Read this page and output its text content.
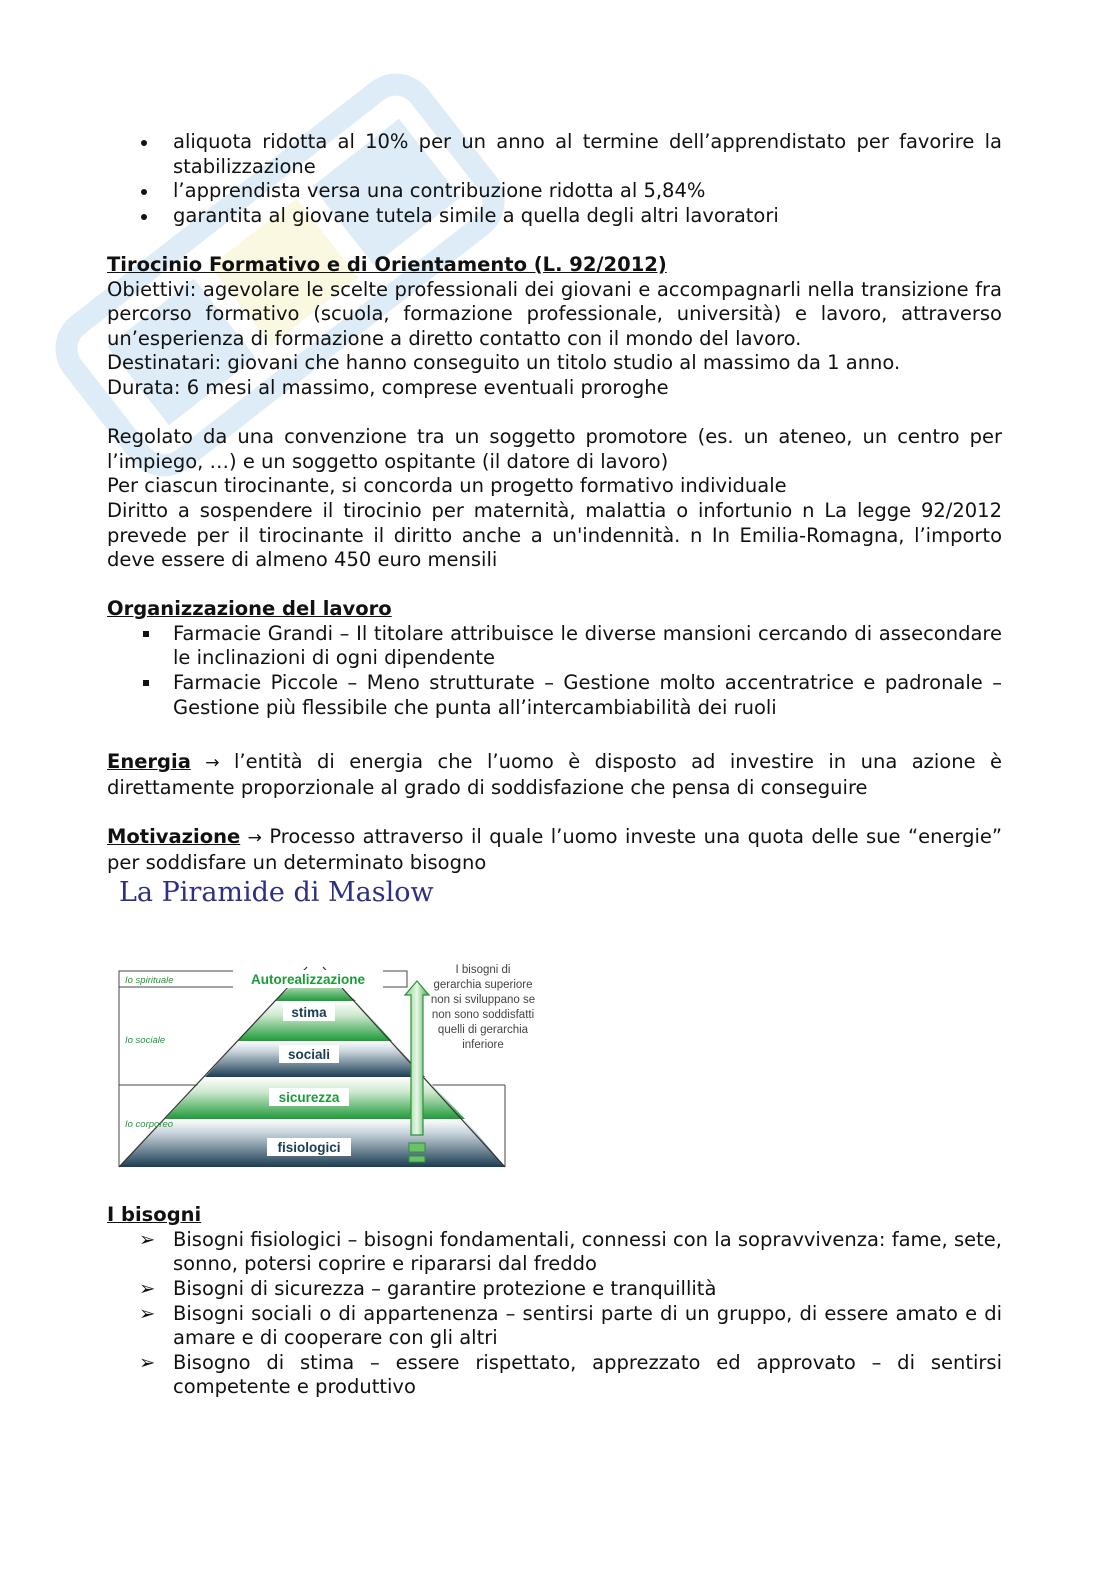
aliquota ridotta al 10% per un anno al termine dell’apprendistato per favorire la stabilizzazione
l’apprendista versa una contribuzione ridotta al 5,84%
garantita al giovane tutela simile a quella degli altri lavoratori

Tirocinio Formativo e di Orientamento (L. 92/2012)

Obiettivi: agevolare le scelte professionali dei giovani e accompagnarli nella transizione fra percorso formativo (scuola, formazione professionale, università) e lavoro, attraverso un’esperienza di formazione a diretto contatto con il mondo del lavoro.

Destinatari: giovani che hanno conseguito un titolo studio al massimo da 1 anno.

Durata: 6 mesi al massimo, comprese eventuali proroghe

Regolato da una convenzione tra un soggetto promotore (es. un ateneo, un centro per l’impiego, …) e un soggetto ospitante (il datore di lavoro)

Per ciascun tirocinante, si concorda un progetto formativo individuale

Diritto a sospendere il tirocinio per maternità, malattia o infortunio n La legge 92/2012 prevede per il tirocinante il diritto anche a un'indennità. n In Emilia-Romagna, l’importo deve essere di almeno 450 euro mensili

Organizzazione del lavoro

Farmacie Grandi – Il titolare attribuisce le diverse mansioni cercando di assecondare le inclinazioni di ogni dipendente
Farmacie Piccole – Meno strutturate – Gestione molto accentratrice e padronale – Gestione più flessibile che punta all’intercambiabilità dei ruoli

Energia → l’entità di energia che l’uomo è disposto ad investire in una azione è direttamente proporzionale al grado di soddisfazione che pensa di conseguire

Motivazione → Processo attraverso il quale l’uomo investe una quota delle sue “energie” per soddisfare un determinato bisogno

La Piramide di Maslow
Autorealizzazione
stima
sociali
sicurezza
fisiologici
Io spirituale
Io sociale
Io corporeo
I bisogni di
gerarchia superiore
non si sviluppano se
non sono soddisfatti
quelli di gerarchia
inferiore

I bisogni

➢ Bisogni fisiologici – bisogni fondamentali, connessi con la sopravvivenza: fame, sete, sonno, potersi coprire e ripararsi dal freddo
➢ Bisogni di sicurezza – garantire protezione e tranquillità
➢ Bisogni sociali o di appartenenza – sentirsi parte di un gruppo, di essere amato e di amare e di cooperare con gli altri
➢ Bisogno di stima – essere rispettato, apprezzato ed approvato – di sentirsi competente e produttivo
